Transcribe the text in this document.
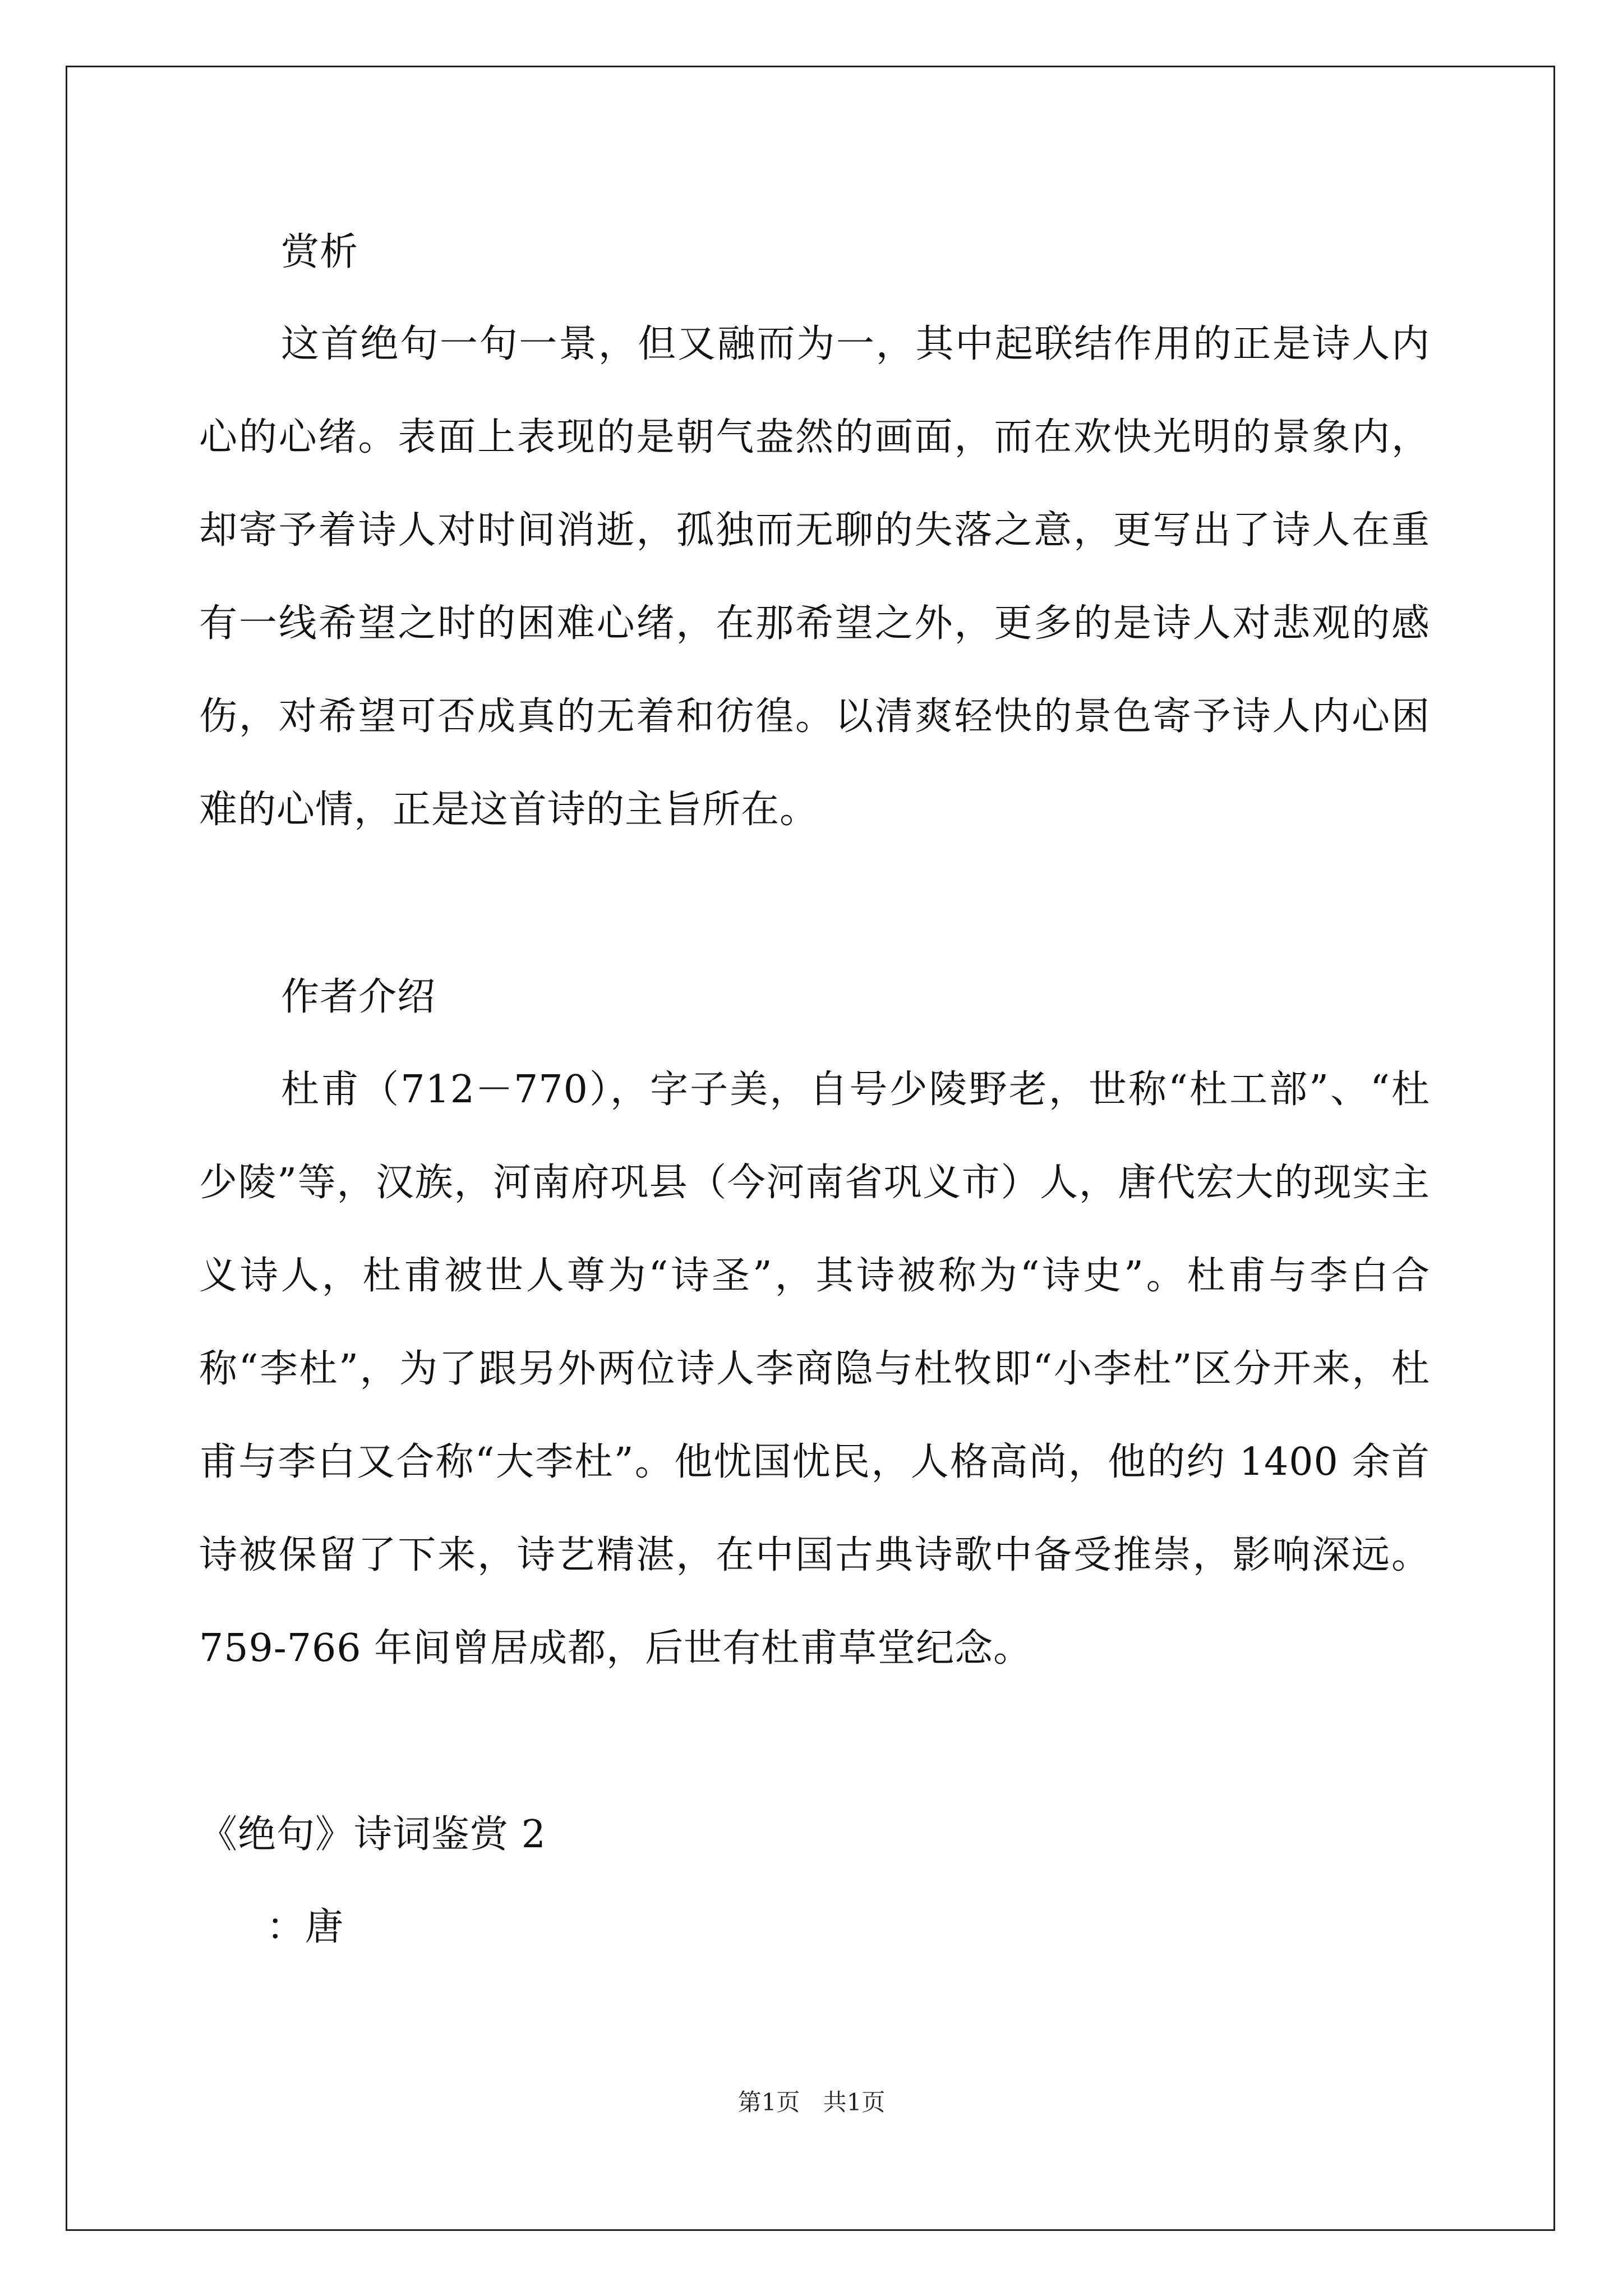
赏析

这首绝句一句一景，但又融而为一，其中起联结作用的正是诗人内心的心绪。表面上表现的是朝气盎然的画面，而在欢快光明的景象内，却寄予着诗人对时间消逝，孤独而无聊的失落之意，更写出了诗人在重有一线希望之时的困难心绪，在那希望之外，更多的是诗人对悲观的感伤，对希望可否成真的无着和彷徨。以清爽轻快的景色寄予诗人内心困难的心情，正是这首诗的主旨所在。

作者介绍

杜甫（712－770），字子美，自号少陵野老，世称“杜工部”、“杜少陵”等，汉族，河南府巩县（今河南省巩义市）人，唐代宏大的现实主义诗人，杜甫被世人尊为“诗圣”，其诗被称为“诗史”。杜甫与李白合称“李杜”，为了跟另外两位诗人李商隐与杜牧即“小李杜”区分开来，杜甫与李白又合称“大李杜”。他忧国忧民，人格高尚，他的约 1400 余首诗被保留了下来，诗艺精湛，在中国古典诗歌中备受推崇，影响深远。759-766 年间曾居成都，后世有杜甫草堂纪念。

《绝句》诗词鉴赏 2

：唐

第1页 共1页
